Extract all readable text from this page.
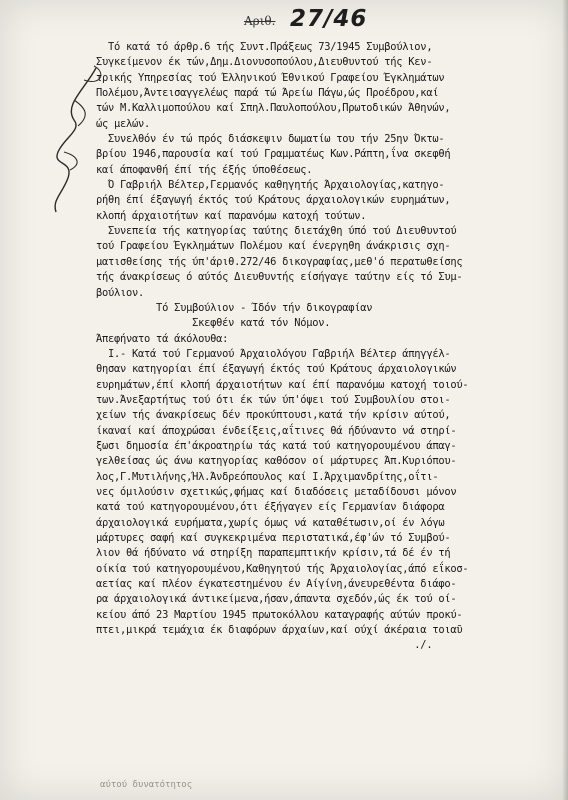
Αριθ. 27/46
Τό κατά τό άρθρ.6 τής Συντ.Πράξεως 73/1945 Συμβούλιον,
Συγκείμενον έκ τών,Δημ.Διονυσοπούλου,Διευθυντού τής Κεν-
τρικής Υπηρεσίας τού Έλληνικού Έθνικού Γραφείου Έγκλημάτων
Πολέμου,Άντεισαγγελέως παρά τώ Άρείω Πάγω,ώς Προέδρου,καί
τών Μ.Καλλιμοπούλου καί Σπηλ.Παυλοπούλου,Πρωτοδικών Άθηνών,
ώς μελών.
Συνελθόν έν τώ πρός διάσκεψιν δωματίω του τήν 25ην Όκτω-
βρίου 1946,παρουσία καί τού Γραμματέως Κων.Ράπτη,ΐνα σκεφθή
καί άποφανθή έπί τής έξής ύποθέσεως.
Ό Γαβριήλ Βέλτερ,Γερμανός καθηγητής Άρχαιολογίας,κατηγο-
ρήθη έπί έξαγωγή έκτός τού Κράτους άρχαιολογικών ευρημάτων,
κλοπή άρχαιοτήτων καί παρανόμω κατοχή τούτων.
Συνεπεία τής κατηγορίας ταύτης διετάχθη ύπό τού Διευθυντού
τού Γραφείου Έγκλημάτων Πολέμου καί ένεργηθη άνάκρισις σχη-
ματισθείσης τής ύπ'άριθ.272/46 δικογραφίας,μεθ'ό περατωθείσης
τής άνακρίσεως ό αύτός Διευθυντής είσήγαγε ταύτην είς τό Συμ-
βούλιον.
Τό Συμβούλιον - Ίδόν τήν δικογραφίαν
Σκεφθέν κατά τόν Νόμον.
Άπεφήνατο τά άκόλουθα:
Ι.- Κατά τού Γερμανού Άρχαιολόγου Γαβριήλ Βέλτερ άπηγγέλ-
θησαν κατηγορίαι έπί έξαγωγή έκτός τού Κράτους άρχαιολογικών
ευρημάτων,έπί κλοπή άρχαιοτήτων καί έπί παρανόμω κατοχή τοιού-
των.Άνεξαρτήτως τού ότι έκ τών ύπ'όψει τού Συμβουλίου στοι-
χείων τής άνακρίσεως δέν προκύπτουσι,κατά τήν κρίσιν αύτού,
ίκαναί καί άποχρώσαι ένδείξεις,αΐτινες θά ήδύναντο νά στηρί-
ξωσι δημοσία έπ'άκροατηρίω τάς κατά τού κατηγορουμένου άπαγ-
γελθείσας ώς άνω κατηγορίας καθόσον οί μάρτυρες Άπ.Κυριόπου-
λος,Γ.Μυτιλήνης,Ήλ.Άνδρεόπουλος καί Ι.Άρχιμανδρίτης,οΐτι-
νες όμιλούσιν σχετικώς,φήμας καί διαδόσεις μεταδίδουσι μόνον
κατά τού κατηγορουμένου,ότι έξήγαγεν είς Γερμανίαν διάφορα
άρχαιολογικά ευρήματα,χωρίς όμως νά καταθέτωσιν,οί έν λόγω
μάρτυρες σαφή καί συγκεκριμένα περιστατικά,έφ'ών τό Συμβού-
λιον θά ήδύνατο νά στηρίξη παραπεμπτικήν κρίσιν,τά δέ έν τή
οίκία τού κατηγορουμένου,Καθηγητού τής Άρχαιολογίας,άπό εΐκοσ-
αετίας καί πλέον έγκατεστημένου έν Αίγίνη,άνευρεθέντα διάφο-
ρα άρχαιολογικά άντικείμενα,ήσαν,άπαντα σχεδόν,ώς έκ τού οί-
κείου άπό 23 Μαρτίου 1945 πρωτοκόλλου καταγραφής αύτών προκύ-
πτει,μικρά τεμάχια έκ διαφόρων άρχαίων,καί ούχί άκέραια τοιαῦ
./.
αύτού δυνατότητος
